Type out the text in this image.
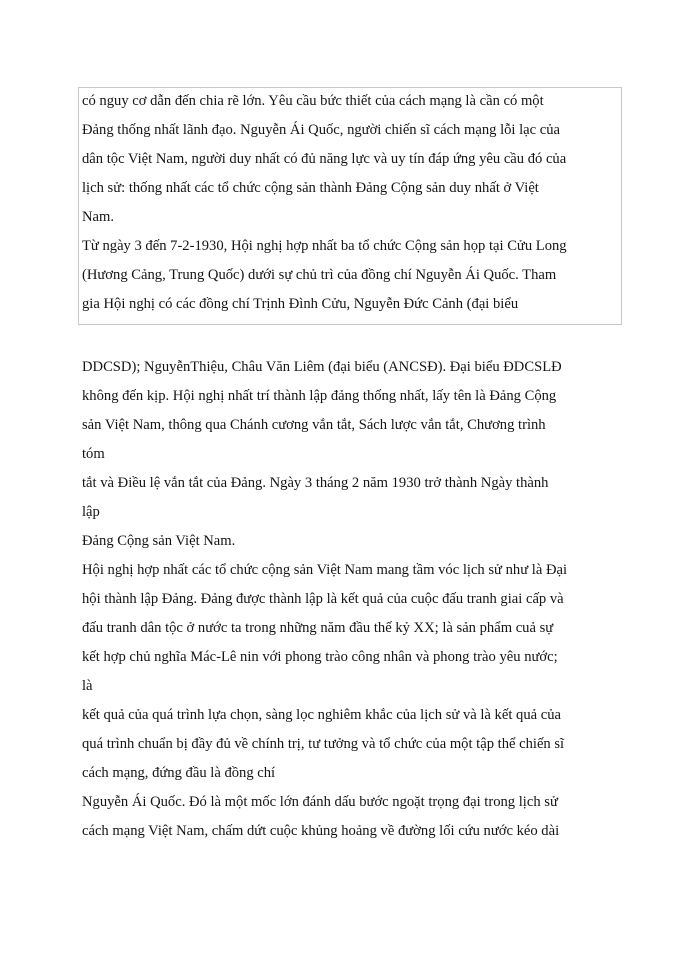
có nguy cơ dẫn đến chia rẽ lớn. Yêu cầu bức thiết của cách mạng là cần có một
Đảng thống nhất lãnh đạo. Nguyễn Ái Quốc, người chiến sĩ cách mạng lỗi lạc của
dân tộc Việt Nam, người duy nhất có đủ năng lực và uy tín đáp ứng yêu cầu đó của
lịch sử: thống nhất các tổ chức cộng sản thành Đảng Cộng sản duy nhất ở Việt
Nam.
Từ ngày 3 đến 7-2-1930, Hội nghị hợp nhất ba tổ chức Cộng sản họp tại Cửu Long
(Hương Cảng, Trung Quốc) dưới sự chủ trì của đồng chí Nguyễn Ái Quốc. Tham
gia Hội nghị có các đồng chí Trịnh Đình Cửu, Nguyễn Đức Cảnh (đại biểu
DDCSD); NguyễnThiệu, Châu Văn Liêm (đại biểu (ANCSĐ). Đại biểu ĐDCSLĐ
không đến kịp. Hội nghị nhất trí thành lập đảng thống nhất, lấy tên là Đảng Cộng
sản Việt Nam, thông qua Chánh cương vắn tắt, Sách lược vắn tắt, Chương trình
tóm
tắt và Điều lệ vắn tắt của Đảng. Ngày 3 tháng 2 năm 1930 trở thành Ngày thành
lập
Đảng Cộng sản Việt Nam.
Hội nghị hợp nhất các tổ chức cộng sản Việt Nam mang tầm vóc lịch sử như là Đại
hội thành lập Đảng. Đảng được thành lập là kết quả của cuộc đấu tranh giai cấp và
đấu tranh dân tộc ở nước ta trong những năm đầu thế kỷ XX; là sản phẩm cuả sự
kết hợp chủ nghĩa Mác-Lê nin với phong trào công nhân và phong trào yêu nước;
là
kết quả của quá trình lựa chọn, sàng lọc nghiêm khắc của lịch sử và là kết quả của
quá trình chuẩn bị đầy đủ về chính trị, tư tưởng và tổ chức của một tập thể chiến sĩ
cách mạng, đứng đầu là đồng chí
Nguyễn Ái Quốc. Đó là một mốc lớn đánh dấu bước ngoặt trọng đại trong lịch sử
cách mạng Việt Nam, chấm dứt cuộc khủng hoảng về đường lối cứu nước kéo dài
